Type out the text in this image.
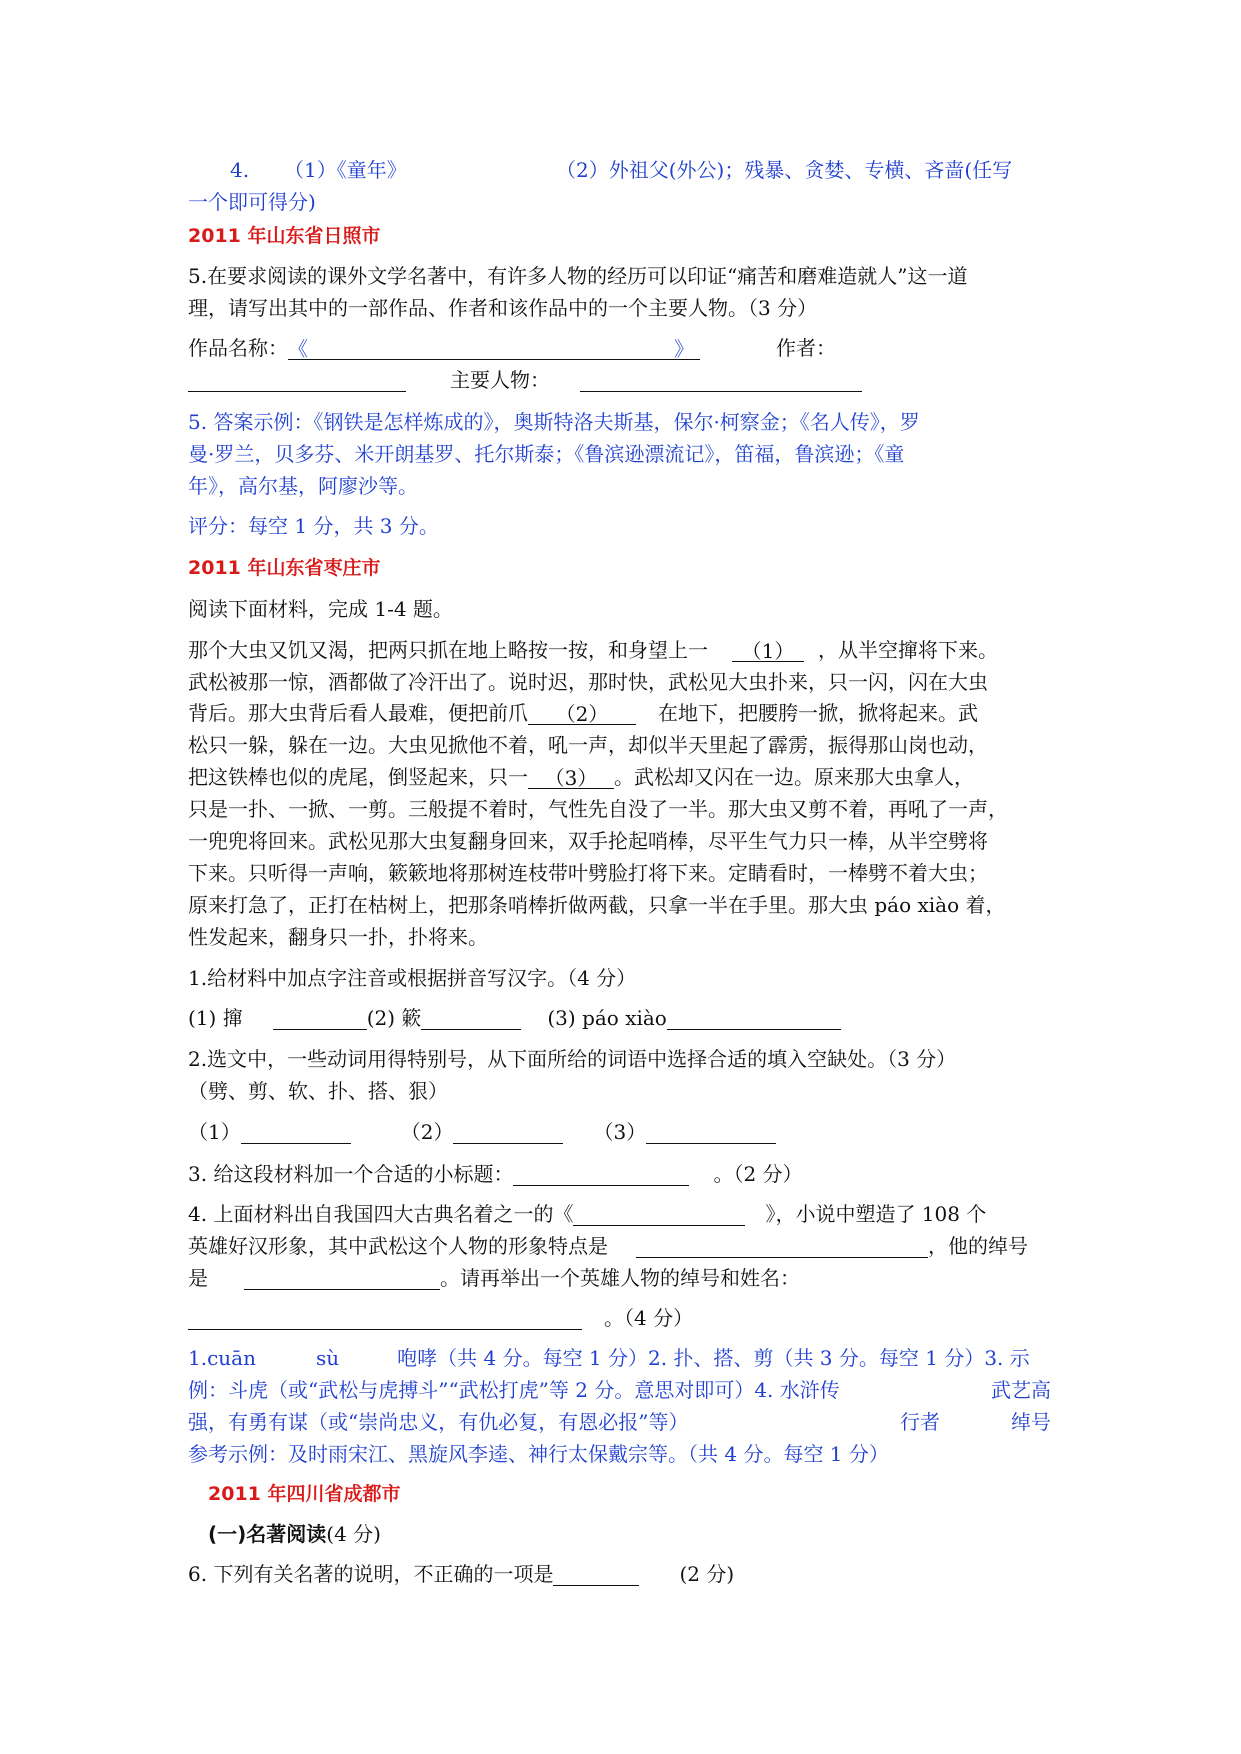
4. （1）《童年》	（2）外祖父(外公)；残暴、贪婪、专横、吝啬(任写
一个即可得分)
2011 年山东省日照市
5.在要求阅读的课外文学名著中，有许多人物的经历可以印证“痛苦和磨难造就人”这一道
理，请写出其中的一部作品、作者和该作品中的一个主要人物。（3 分）
作品名称： 《	》	作者：
主要人物：
5. 答案示例：《钢铁是怎样炼成的》，奥斯特洛夫斯基，保尔·柯察金；《名人传》，罗
曼·罗兰，贝多芬、米开朗基罗、托尔斯泰；《鲁滨逊漂流记》，笛福，鲁滨逊；《童
年》，高尔基，阿廖沙等。
评分：每空 1 分，共 3 分。
2011 年山东省枣庄市
阅读下面材料，完成 1-4 题。
那个大虫又饥又渴，把两只抓在地上略按一按，和身望上一 （1） ，从半空撺将下来。
武松被那一惊，酒都做了冷汗出了。说时迟，那时快，武松见大虫扑来，只一闪，闪在大虫
背后。那大虫背后看人最难，便把前爪 （2） 在地下，把腰胯一掀，掀将起来。武
松只一躲，躲在一边。大虫见掀他不着，吼一声，却似半天里起了霹雳，振得那山岗也动，
把这铁棒也似的虎尾，倒竖起来，只一 （3） 。武松却又闪在一边。原来那大虫拿人，
只是一扑、一掀、一剪。三般提不着时，气性先自没了一半。那大虫又剪不着，再吼了一声，
一兜兜将回来。武松见那大虫复翻身回来，双手抡起哨棒，尽平生气力只一棒，从半空劈将
下来。只听得一声响，簌簌地将那树连枝带叶劈脸打将下来。定睛看时，一棒劈不着大虫；
原来打急了，正打在枯树上，把那条哨棒折做两截，只拿一半在手里。那大虫 páo xiào 着，
性发起来，翻身只一扑，扑将来。
1.给材料中加点字注音或根据拼音写汉字。（4 分）
(1) 撺	(2) 簌	(3) páo xiào
2.选文中，一些动词用得特别号，从下面所给的词语中选择合适的填入空缺处。（3 分）
（劈、剪、软、扑、搭、狠）
（1）	（2）	（3）
3. 给这段材料加一个合适的小标题：	。（2 分）
4. 上面材料出自我国四大古典名着之一的《	》，小说中塑造了 108 个
英雄好汉形象，其中武松这个人物的形象特点是	，他的绰号
是	。请再举出一个英雄人物的绰号和姓名：
。（4 分）
1.cuān	sù	咆哮（共 4 分。每空 1 分）2. 扑、搭、剪（共 3 分。每空 1 分）3. 示
例：斗虎（或“武松与虎搏斗”“武松打虎”等 2 分。意思对即可）4. 水浒传	武艺高
强，有勇有谋（或“崇尚忠义，有仇必复，有恩必报”等）	行者	绰号
参考示例：及时雨宋江、黑旋风李逵、神行太保戴宗等。（共 4 分。每空 1 分）
2011 年四川省成都市
(一)名著阅读(4 分)
6. 下列有关名著的说明，不正确的一项是	(2 分)
